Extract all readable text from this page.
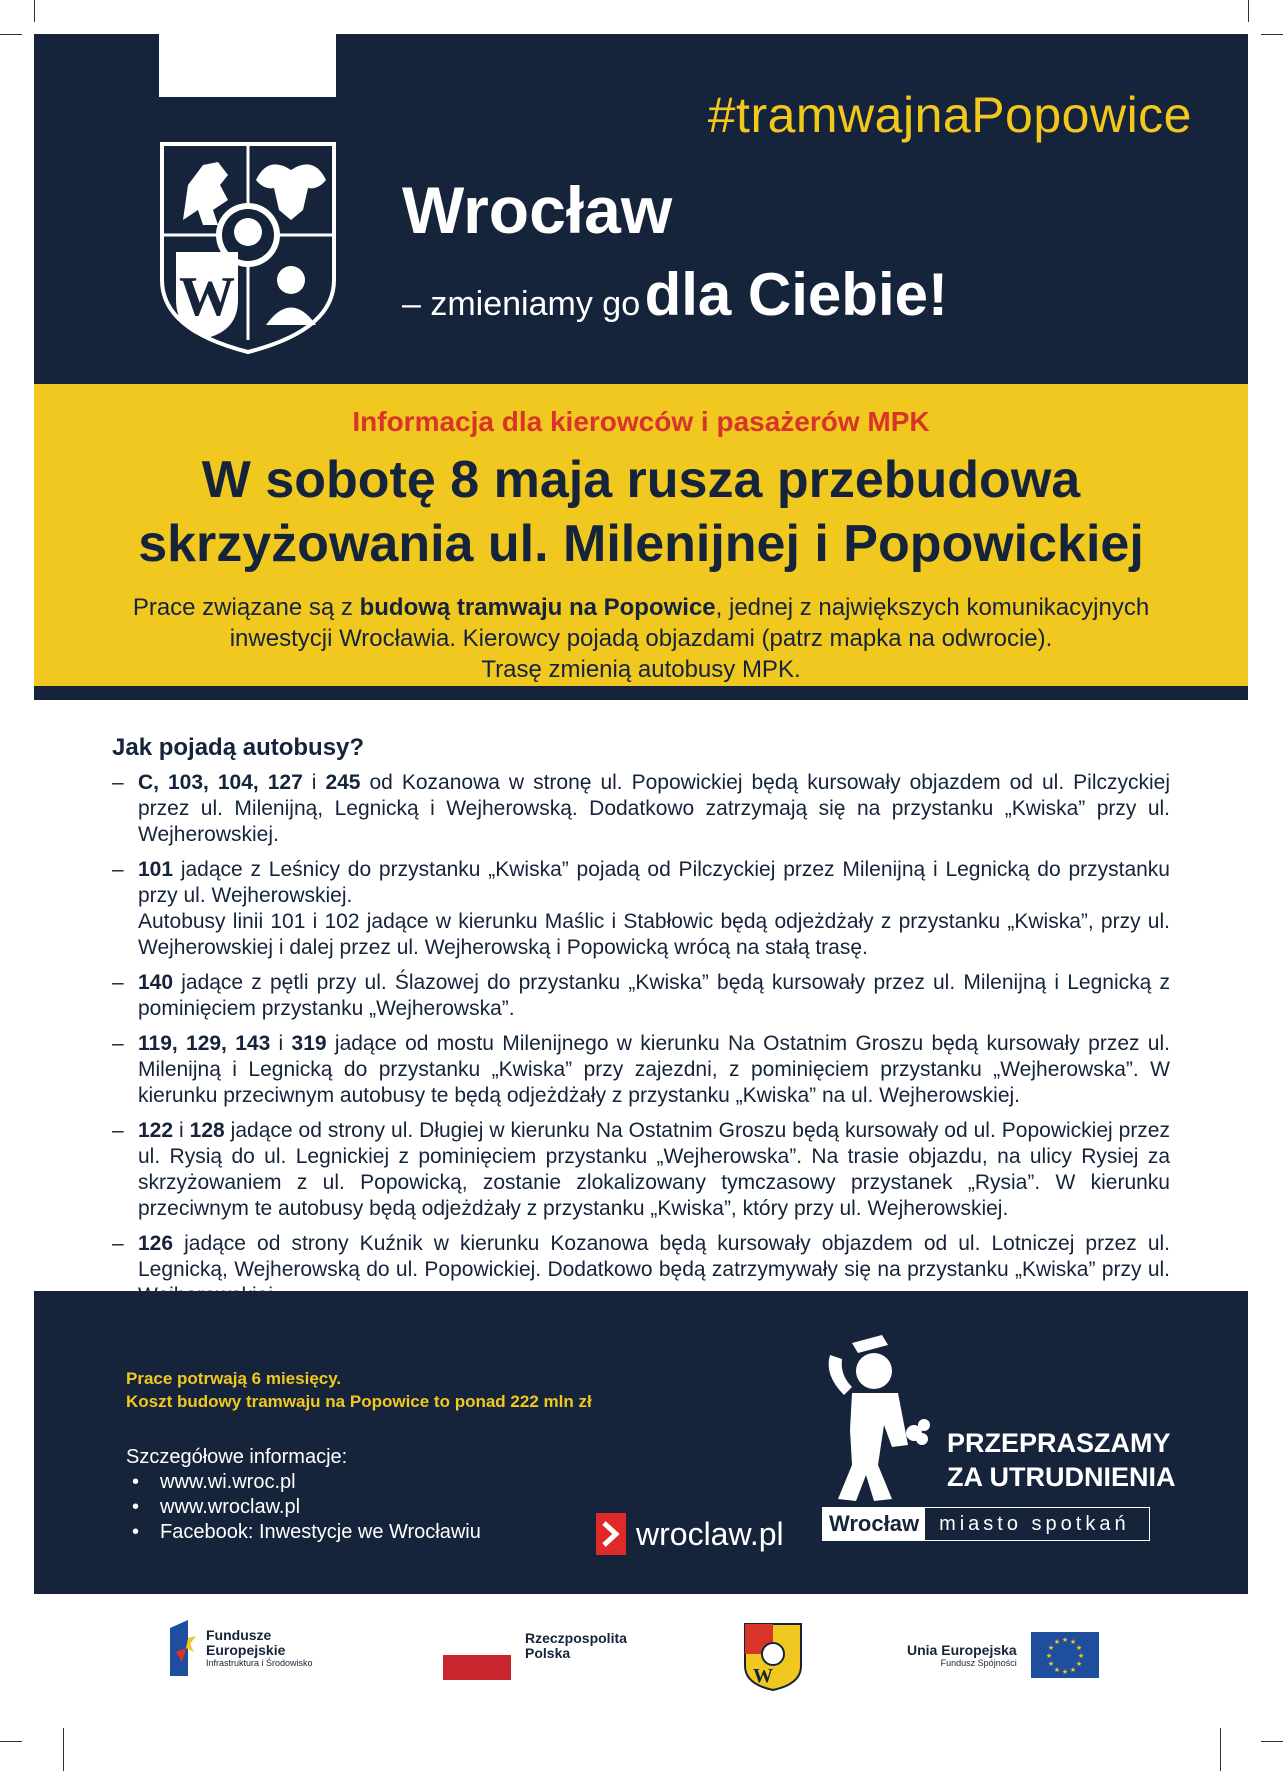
#tramwajnaPopowice
W
Wrocław
– zmieniamy go dla Ciebie!
Informacja dla kierowców i pasażerów MPK
W sobotę 8 maja rusza przebudowa
skrzyżowania ul. Milenijnej i Popowickiej
Prace związane są z budową tramwaju na Popowice, jednej z największych komunikacyjnych inwestycji Wrocławia. Kierowcy pojadą objazdami (patrz mapka na odwrocie).
Trasę zmienią autobusy MPK.
Jak pojadą autobusy?
– C, 103, 104, 127 i 245 od Kozanowa w stronę ul. Popowickiej będą kursowały objazdem od ul. Pilczyckiej przez ul. Milenijną, Legnicką i Wejherowską. Dodatkowo zatrzymają się na przystanku „Kwiska” przy ul. Wejherowskiej.
– 101 jadące z Leśnicy do przystanku „Kwiska” pojadą od Pilczyckiej przez Milenijną i Legnicką do przystanku przy ul. Wejherowskiej.
Autobusy linii 101 i 102 jadące w kierunku Maślic i Stabłowic będą odjeżdżały z przystanku „Kwiska”, przy ul. Wejherowskiej i dalej przez ul. Wejherowską i Popowicką wrócą na stałą trasę.
– 140 jadące z pętli przy ul. Ślazowej do przystanku „Kwiska” będą kursowały przez ul. Milenijną i Legnicką z pominięciem przystanku „Wejherowska”.
– 119, 129, 143 i 319 jadące od mostu Milenijnego w kierunku Na Ostatnim Groszu będą kursowały przez ul. Milenijną i Legnicką do przystanku „Kwiska” przy zajezdni, z pominięciem przystanku „Wejherowska”. W kierunku przeciwnym autobusy te będą odjeżdżały z przystanku „Kwiska” na ul. Wejherowskiej.
– 122 i 128 jadące od strony ul. Długiej w kierunku Na Ostatnim Groszu będą kursowały od ul. Popowickiej przez ul. Rysią do ul. Legnickiej z pominięciem przystanku „Wejherowska”. Na trasie objazdu, na ulicy Rysiej za skrzyżowaniem z ul. Popowicką, zostanie zlokalizowany tymczasowy przystanek „Rysia”. W kierunku przeciwnym te autobusy będą odjeżdżały z przystanku „Kwiska”, który przy ul. Wejherowskiej.
– 126 jadące od strony Kuźnik w kierunku Kozanowa będą kursowały objazdem od ul. Lotniczej przez ul. Legnicką, Wejherowską do ul. Popowickiej. Dodatkowo będą zatrzymywały się na przystanku „Kwiska” przy ul.
Prace potrwają 6 miesięcy.
Koszt budowy tramwaju na Popowice to ponad 222 mln zł
Szczegółowe informacje:
• www.wi.wroc.pl
• www.wroclaw.pl
• Facebook: Inwestycje we Wrocławiu	wroclaw.pl
PRZEPRASZAMY
ZA UTRUDNIENIA
Wrocław	miasto spotkań
Fundusze
Europejskie
Infrastruktura i Środowisko
Rzeczpospolita
Polska
W
Unia Europejska
Fundusz Spójności
★ ★
★
★
★
★
★
★
★
★
★
★
